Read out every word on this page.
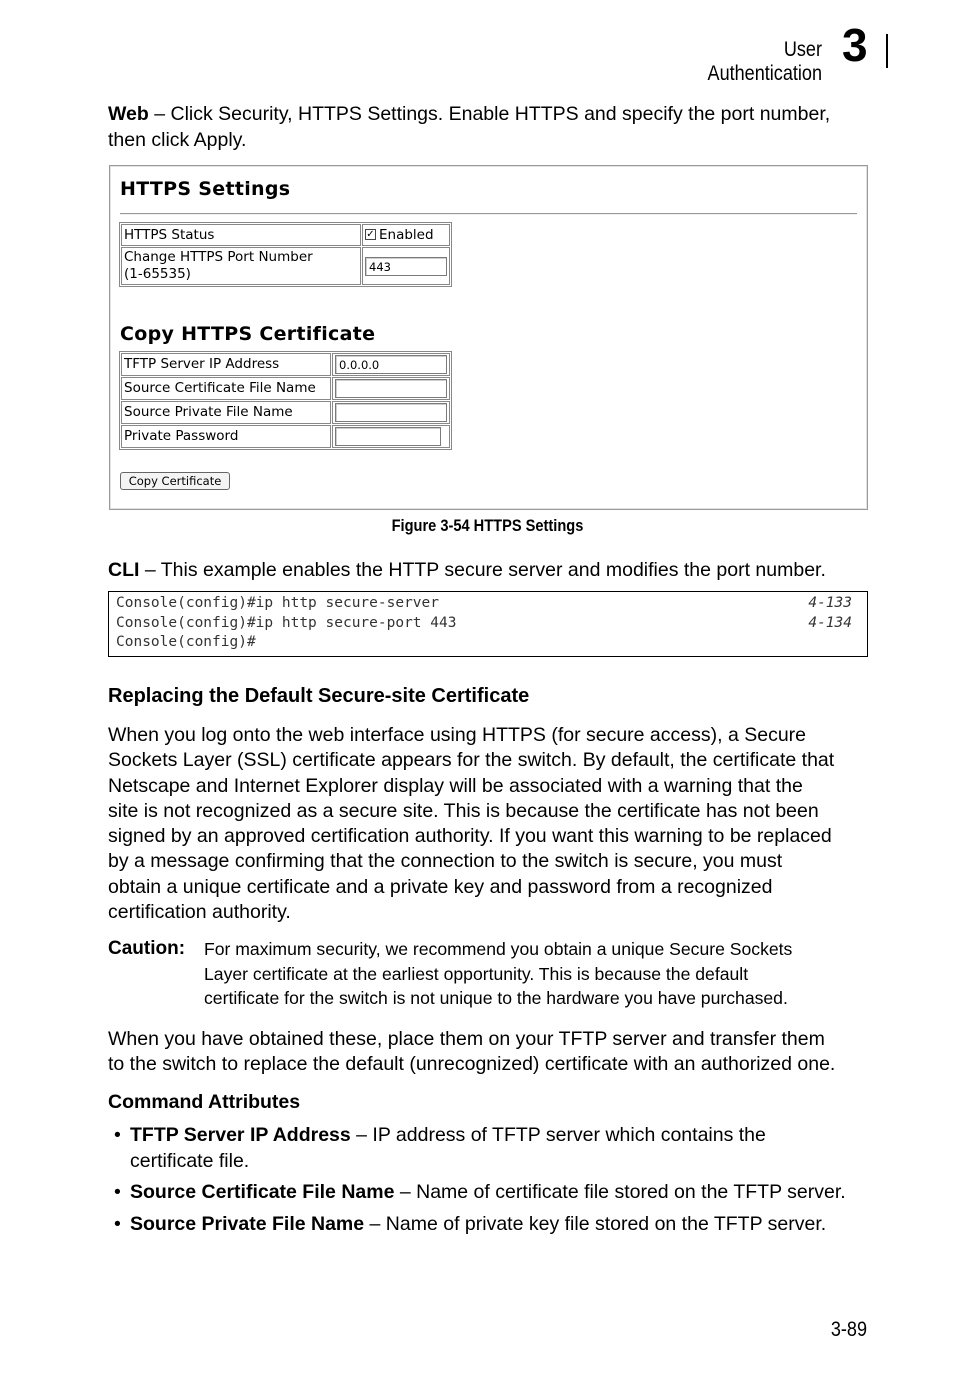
User Authentication
3
Web – Click Security, HTTPS Settings. Enable HTTPS and specify the port number,
then click Apply.
HTTPS Settings
HTTPS Status	✓ Enabled

Change HTTPS Port Number
(1-65535)	443
Copy HTTPS Certificate
TFTP Server IP Address	0.0.0.0
Source Certificate File Name	
Source Private File Name	
Private Password	
Copy Certificate
Figure 3-54 HTTPS Settings
CLI – This example enables the HTTP secure server and modifies the port number.
Console(config)#ip http secure-server	4-133
Console(config)#ip http secure-port 443	4-134
Console(config)#
Replacing the Default Secure-site Certificate
When you log onto the web interface using HTTPS (for secure access), a Secure
Sockets Layer (SSL) certificate appears for the switch. By default, the certificate that
Netscape and Internet Explorer display will be associated with a warning that the
site is not recognized as a secure site. This is because the certificate has not been
signed by an approved certification authority. If you want this warning to be replaced
by a message confirming that the connection to the switch is secure, you must
obtain a unique certificate and a private key and password from a recognized
certification authority.
Caution: For maximum security, we recommend you obtain a unique Secure Sockets
Layer certificate at the earliest opportunity. This is because the default
certificate for the switch is not unique to the hardware you have purchased.
When you have obtained these, place them on your TFTP server and transfer them
to the switch to replace the default (unrecognized) certificate with an authorized one.
Command Attributes
• TFTP Server IP Address – IP address of TFTP server which contains the
certificate file.
• Source Certificate File Name – Name of certificate file stored on the TFTP server.
• Source Private File Name – Name of private key file stored on the TFTP server.
3-89
